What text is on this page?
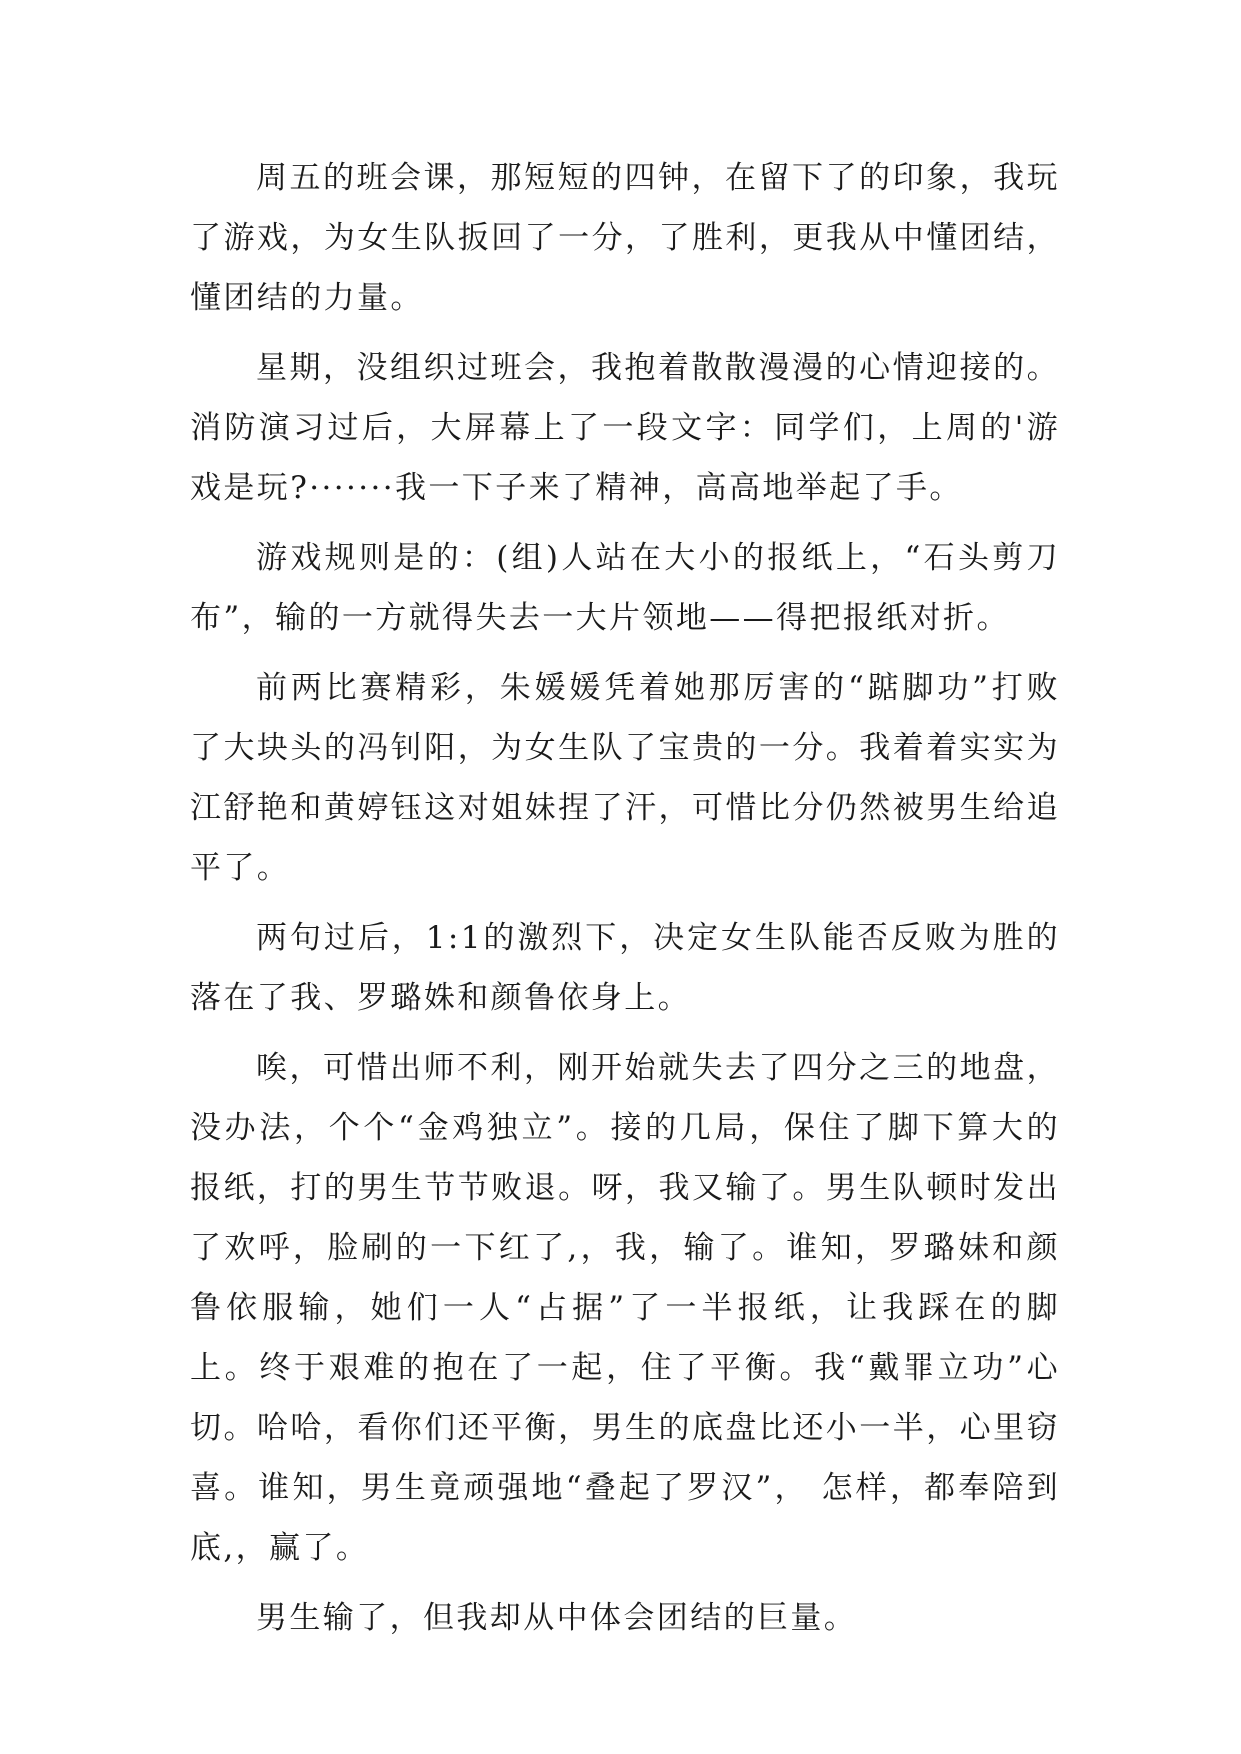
周五的班会课，那短短的四钟，在留下了的印象，我玩了游戏，为女生队扳回了一分，了胜利，更我从中懂团结，懂团结的力量。

星期，没组织过班会，我抱着散散漫漫的心情迎接的。消防演习过后，大屏幕上了一段文字：同学们，上周的'游戏是玩?·······我一下子来了精神，高高地举起了手。

游戏规则是的：(组)人站在大小的报纸上，“石头剪刀布”，输的一方就得失去一大片领地——得把报纸对折。

前两比赛精彩，朱媛媛凭着她那厉害的“踮脚功”打败了大块头的冯钊阳，为女生队了宝贵的一分。我着着实实为江舒艳和黄婷钰这对姐妹捏了汗，可惜比分仍然被男生给追平了。

两句过后，1:1的激烈下，决定女生队能否反败为胜的落在了我、罗璐姝和颜鲁依身上。

唉，可惜出师不利，刚开始就失去了四分之三的地盘，没办法，个个“金鸡独立”。接的几局，保住了脚下算大的报纸，打的男生节节败退。呀，我又输了。男生队顿时发出了欢呼，脸刷的一下红了,，我，输了。谁知，罗璐妹和颜鲁依服输，她们一人“占据”了一半报纸，让我踩在的脚上。终于艰难的抱在了一起，住了平衡。我“戴罪立功”心切。哈哈，看你们还平衡，男生的底盘比还小一半，心里窃喜。谁知，男生竟顽强地“叠起了罗汉”， 怎样，都奉陪到底,，赢了。

男生输了，但我却从中体会团结的巨量。
